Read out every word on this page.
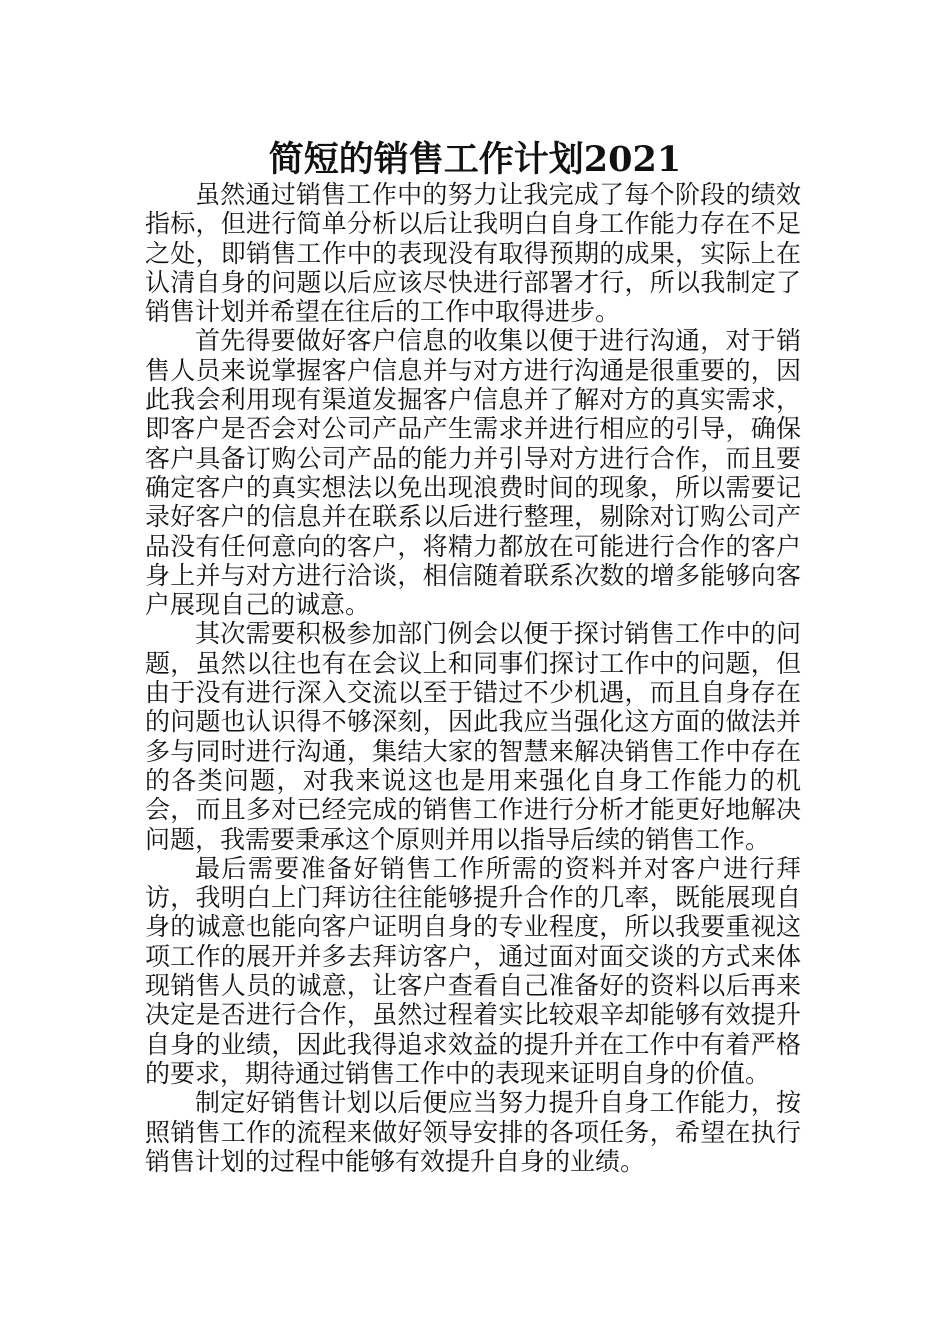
简短的销售工作计划2021

虽然通过销售工作中的努力让我完成了每个阶段的绩效指标，但进行简单分析以后让我明白自身工作能力存在不足之处，即销售工作中的表现没有取得预期的成果，实际上在认清自身的问题以后应该尽快进行部署才行，所以我制定了销售计划并希望在往后的工作中取得进步。

首先得要做好客户信息的收集以便于进行沟通，对于销售人员来说掌握客户信息并与对方进行沟通是很重要的，因此我会利用现有渠道发掘客户信息并了解对方的真实需求，即客户是否会对公司产品产生需求并进行相应的引导，确保客户具备订购公司产品的能力并引导对方进行合作，而且要确定客户的真实想法以免出现浪费时间的现象，所以需要记录好客户的信息并在联系以后进行整理，剔除对订购公司产品没有任何意向的客户，将精力都放在可能进行合作的客户身上并与对方进行洽谈，相信随着联系次数的增多能够向客户展现自己的诚意。

其次需要积极参加部门例会以便于探讨销售工作中的问题，虽然以往也有在会议上和同事们探讨工作中的问题，但由于没有进行深入交流以至于错过不少机遇，而且自身存在的问题也认识得不够深刻，因此我应当强化这方面的做法并多与同时进行沟通，集结大家的智慧来解决销售工作中存在的各类问题，对我来说这也是用来强化自身工作能力的机会，而且多对已经完成的销售工作进行分析才能更好地解决问题，我需要秉承这个原则并用以指导后续的销售工作。

最后需要准备好销售工作所需的资料并对客户进行拜访，我明白上门拜访往往能够提升合作的几率，既能展现自身的诚意也能向客户证明自身的专业程度，所以我要重视这项工作的展开并多去拜访客户，通过面对面交谈的方式来体现销售人员的诚意，让客户查看自己准备好的资料以后再来决定是否进行合作，虽然过程着实比较艰辛却能够有效提升自身的业绩，因此我得追求效益的提升并在工作中有着严格的要求，期待通过销售工作中的表现来证明自身的价值。

制定好销售计划以后便应当努力提升自身工作能力，按照销售工作的流程来做好领导安排的各项任务，希望在执行销售计划的过程中能够有效提升自身的业绩。
